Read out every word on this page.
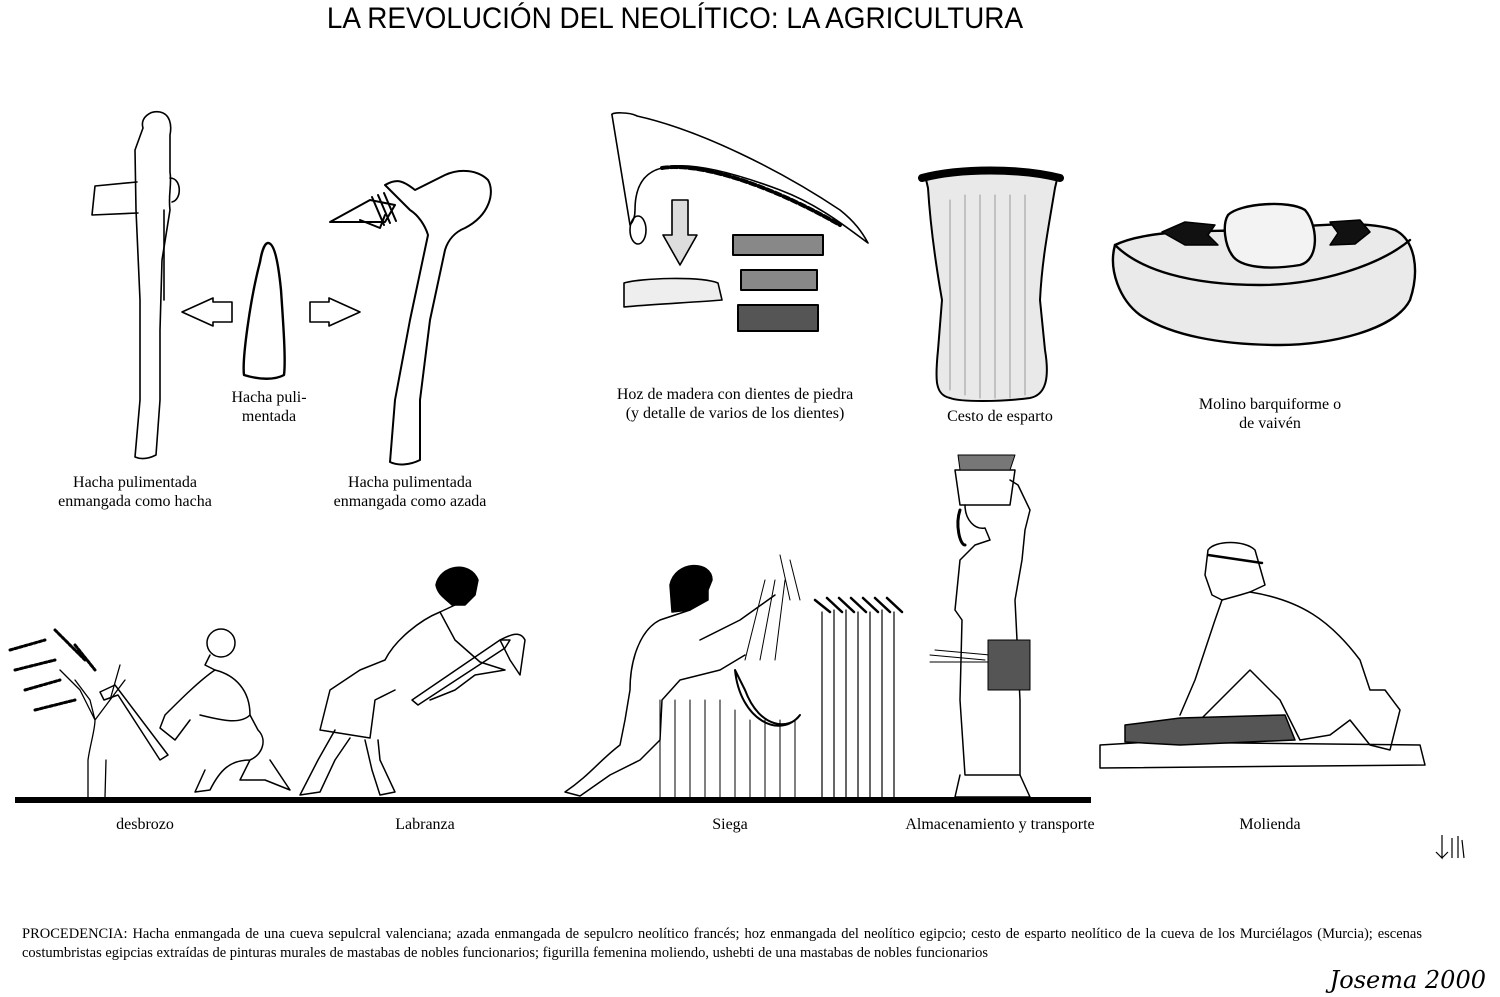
LA REVOLUCIÓN DEL NEOLÍTICO: LA AGRICULTURA
Hacha puli-
mentada
Hacha pulimentada
enmangada como hacha
Hacha pulimentada
enmangada como azada
Hoz de madera con dientes de piedra
(y detalle de varios de los dientes)	Cesto de esparto
Molino barquiforme o
de vaivén
desbrozo	Labranza	Siega	Almacenamiento y transporte	Molienda
PROCEDENCIA: Hacha enmangada de una cueva sepulcral valenciana; azada enmangada de sepulcro neolítico francés; hoz enmangada del neolítico egipcio; cesto de esparto neolítico de la cueva de los Murciélagos (Murcia); escenas costumbristas egipcias extraídas de pinturas murales de mastabas de nobles funcionarios; figurilla femenina moliendo, ushebti de una mastabas de nobles funcionarios
Josema 2000
